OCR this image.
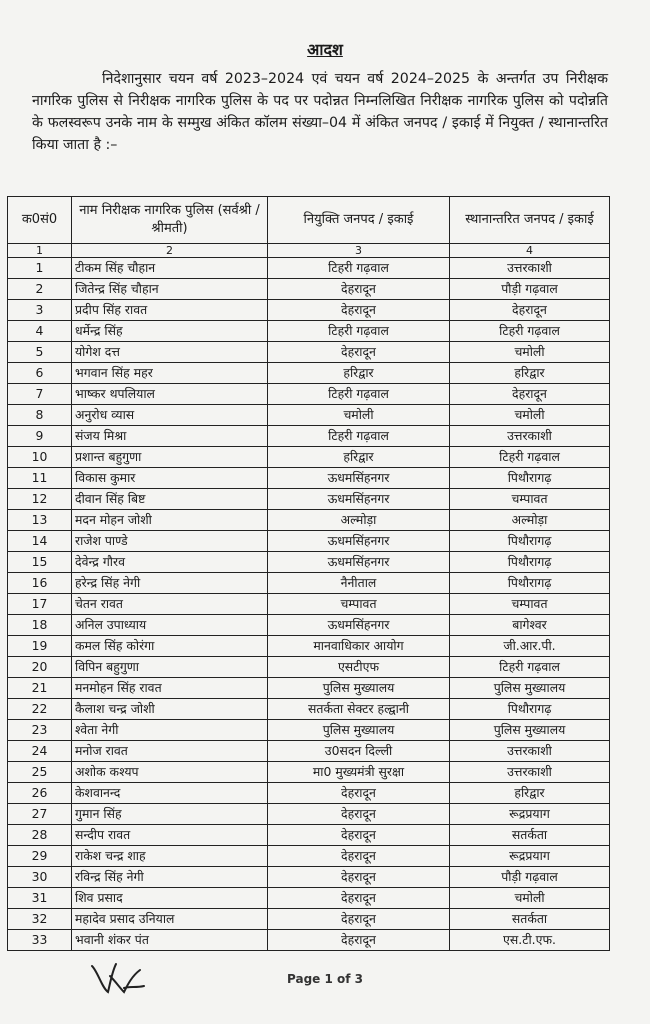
आदश

निदेशानुसार चयन वर्ष 2023–2024 एवं चयन वर्ष 2024–2025 के अन्तर्गत उप निरीक्षक नागरिक पुलिस से निरीक्षक नागरिक पुलिस के पद पर पदोन्नत निम्नलिखित निरीक्षक नागरिक पुलिस को पदोन्नति के फलस्वरूप उनके नाम के सम्मुख अंकित कॉलम संख्या–04 में अंकित जनपद / इकाई में नियुक्त / स्थानान्तरित किया जाता है :–

क0सं0	नाम निरीक्षक नागरिक पुलिस (सर्वश्री / श्रीमती)	नियुक्ति जनपद / इकाई	स्थानान्तरित जनपद / इकाई
1	2	3	4
1	टीकम सिंह चौहान	टिहरी गढ़वाल	उत्तरकाशी
2	जितेन्द्र सिंह चौहान	देहरादून	पौड़ी गढ़वाल
3	प्रदीप सिंह रावत	देहरादून	देहरादून
4	धर्मेन्द्र सिंह	टिहरी गढ़वाल	टिहरी गढ़वाल
5	योगेश दत्त	देहरादून	चमोली
6	भगवान सिंह महर	हरिद्वार	हरिद्वार
7	भाष्कर थपलियाल	टिहरी गढ़वाल	देहरादून
8	अनुरोध व्यास	चमोली	चमोली
9	संजय मिश्रा	टिहरी गढ़वाल	उत्तरकाशी
10	प्रशान्त बहुगुणा	हरिद्वार	टिहरी गढ़वाल
11	विकास कुमार	ऊधमसिंहनगर	पिथौरागढ़
12	दीवान सिंह बिष्ट	ऊधमसिंहनगर	चम्पावत
13	मदन मोहन जोशी	अल्मोड़ा	अल्मोड़ा
14	राजेश पाण्डे	ऊधमसिंहनगर	पिथौरागढ़
15	देवेन्द्र गौरव	ऊधमसिंहनगर	पिथौरागढ़
16	हरेन्द्र सिंह नेगी	नैनीताल	पिथौरागढ़
17	चेतन रावत	चम्पावत	चम्पावत
18	अनिल उपाध्याय	ऊधमसिंहनगर	बागेश्वर
19	कमल सिंह कोरंगा	मानवाधिकार आयोग	जी.आर.पी.
20	विपिन बहुगुणा	एसटीएफ	टिहरी गढ़वाल
21	मनमोहन सिंह रावत	पुलिस मुख्यालय	पुलिस मुख्यालय
22	कैलाश चन्द्र जोशी	सतर्कता सेक्टर हल्द्वानी	पिथौरागढ़
23	श्वेता नेगी	पुलिस मुख्यालय	पुलिस मुख्यालय
24	मनोज रावत	उ0सदन दिल्ली	उत्तरकाशी
25	अशोक कश्यप	मा0 मुख्यमंत्री सुरक्षा	उत्तरकाशी
26	केशवानन्द	देहरादून	हरिद्वार
27	गुमान सिंह	देहरादून	रूद्रप्रयाग
28	सन्दीप रावत	देहरादून	सतर्कता
29	राकेश चन्द्र शाह	देहरादून	रूद्रप्रयाग
30	रविन्द्र सिंह नेगी	देहरादून	पौड़ी गढ़वाल
31	शिव प्रसाद	देहरादून	चमोली
32	महादेव प्रसाद उनियाल	देहरादून	सतर्कता
33	भवानी शंकर पंत	देहरादून	एस.टी.एफ.
Page 1 of 3
